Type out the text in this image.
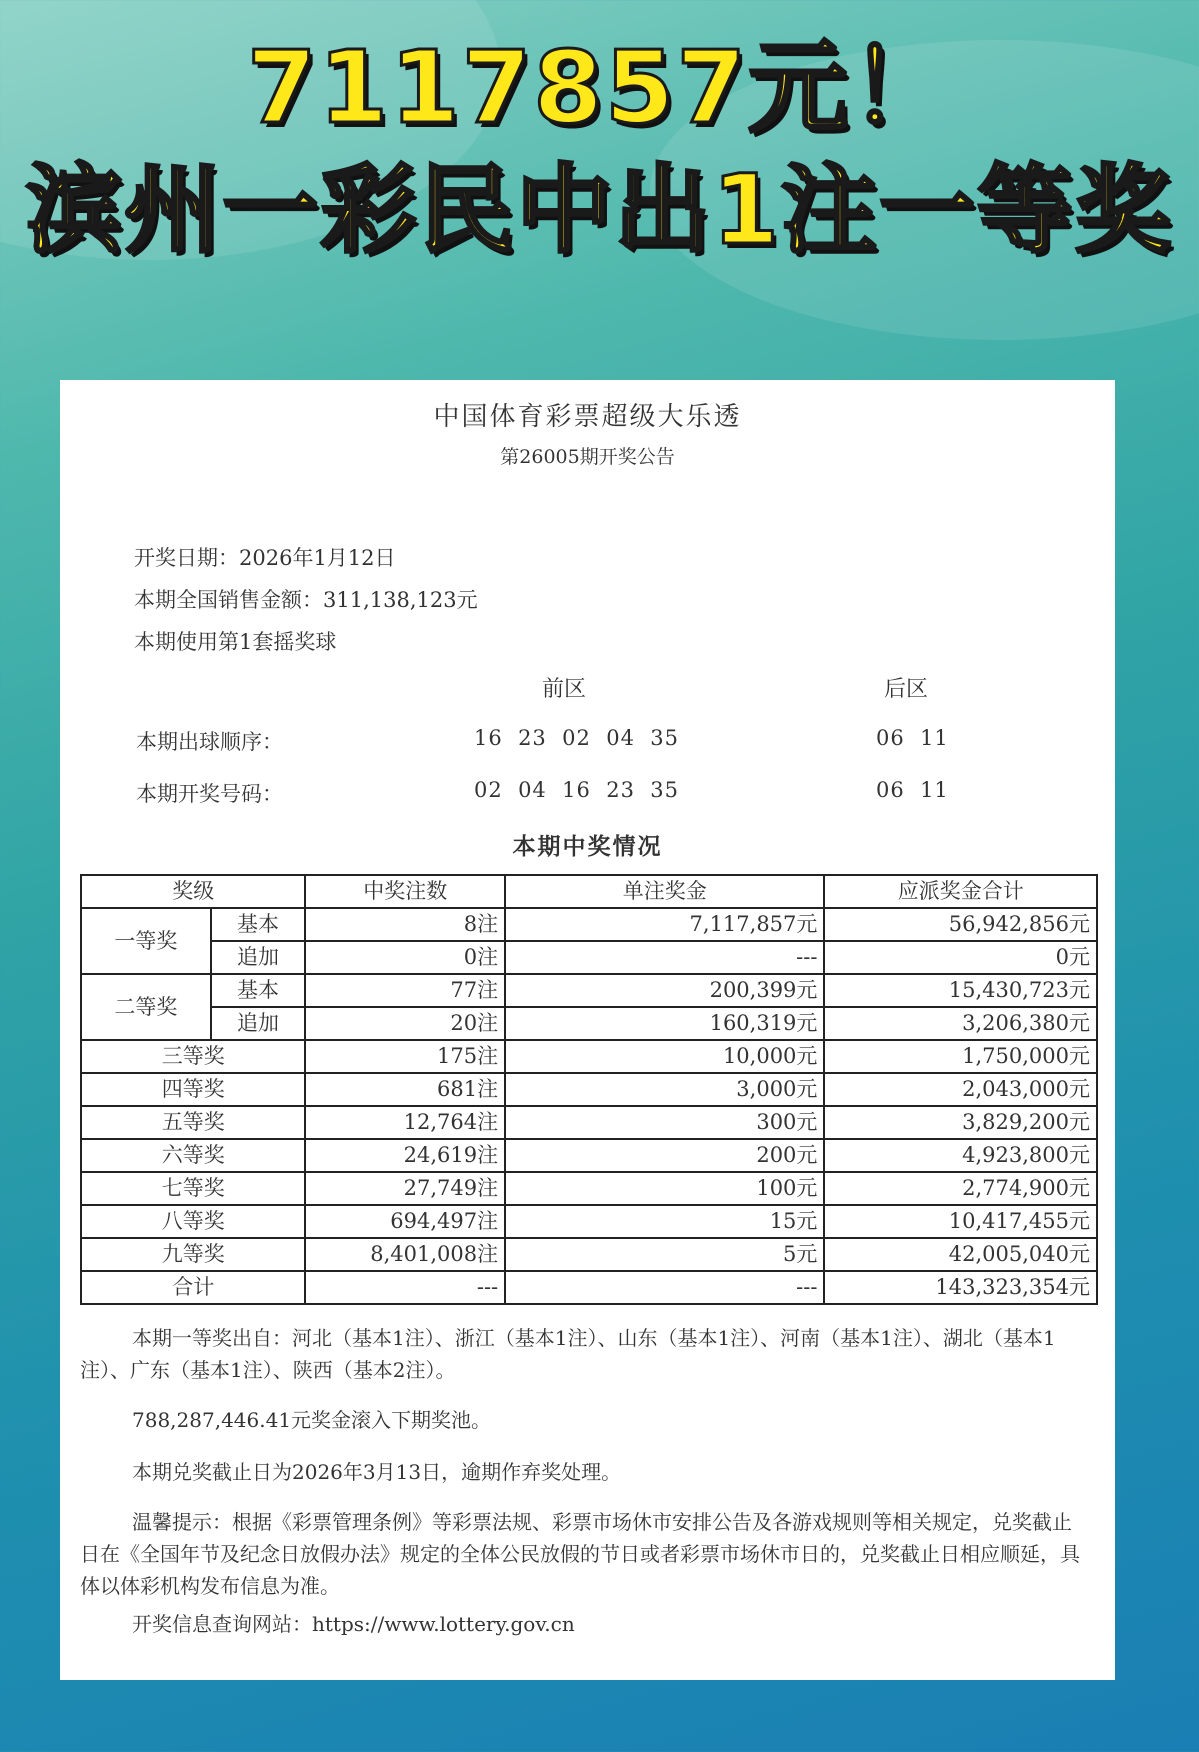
7117857元！
滨州一彩民中出1注一等奖
中国体育彩票超级大乐透
第26005期开奖公告
开奖日期：2026年1月12日
本期全国销售金额：311,138,123元
本期使用第1套摇奖球
前区	后区
本期出球顺序：	16  23  02  04  35	06  11
本期开奖号码：	02  04  16  23  35	06  11
本期中奖情况
奖级		中奖注数	单注奖金	应派奖金合计
一等奖	基本	8注	7,117,857元	56,942,856元
	追加	0注	---	0元
二等奖	基本	77注	200,399元	15,430,723元
	追加	20注	160,319元	3,206,380元
三等奖		175注	10,000元	1,750,000元
四等奖		681注	3,000元	2,043,000元
五等奖		12,764注	300元	3,829,200元
六等奖		24,619注	200元	4,923,800元
七等奖		27,749注	100元	2,774,900元
八等奖		694,497注	15元	10,417,455元
九等奖		8,401,008注	5元	42,005,040元
合计		---	---	143,323,354元
本期一等奖出自：河北（基本1注）、浙江（基本1注）、山东（基本1注）、河南（基本1注）、湖北（基本1注）、广东（基本1注）、陕西（基本2注）。
788,287,446.41元奖金滚入下期奖池。
本期兑奖截止日为2026年3月13日，逾期作弃奖处理。
温馨提示：根据《彩票管理条例》等彩票法规、彩票市场休市安排公告及各游戏规则等相关规定，兑奖截止日在《全国年节及纪念日放假办法》规定的全体公民放假的节日或者彩票市场休市日的，兑奖截止日相应顺延，具体以体彩机构发布信息为准。
开奖信息查询网站：https://www.lottery.gov.cn
